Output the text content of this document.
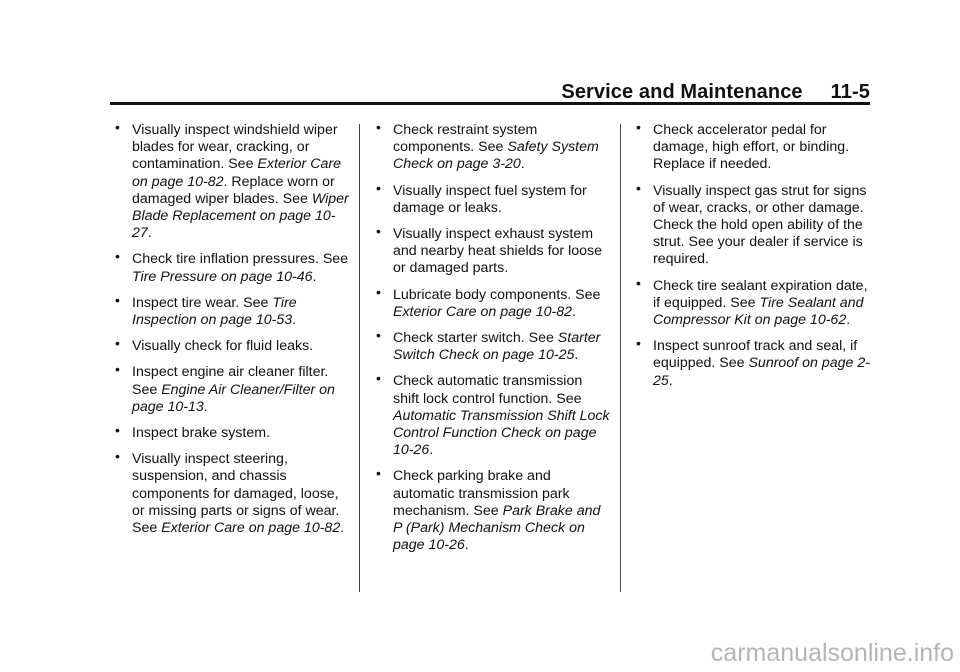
Service and Maintenance 11-5
• Visually inspect windshield wiper blades for wear, cracking, or contamination. See Exterior Care on page 10-82. Replace worn or damaged wiper blades. See Wiper Blade Replacement on page 10-27.
• Check tire inflation pressures. See Tire Pressure on page 10-46.
• Inspect tire wear. See Tire Inspection on page 10-53.
• Visually check for fluid leaks.
• Inspect engine air cleaner filter. See Engine Air Cleaner/Filter on page 10-13.
• Inspect brake system.
• Visually inspect steering, suspension, and chassis components for damaged, loose, or missing parts or signs of wear. See Exterior Care on page 10-82.
• Check restraint system components. See Safety System Check on page 3-20.
• Visually inspect fuel system for damage or leaks.
• Visually inspect exhaust system and nearby heat shields for loose or damaged parts.
• Lubricate body components. See Exterior Care on page 10-82.
• Check starter switch. See Starter Switch Check on page 10-25.
• Check automatic transmission shift lock control function. See Automatic Transmission Shift Lock Control Function Check on page 10-26.
• Check parking brake and automatic transmission park mechanism. See Park Brake and P (Park) Mechanism Check on page 10-26.
• Check accelerator pedal for damage, high effort, or binding. Replace if needed.
• Visually inspect gas strut for signs of wear, cracks, or other damage. Check the hold open ability of the strut. See your dealer if service is required.
• Check tire sealant expiration date, if equipped. See Tire Sealant and Compressor Kit on page 10-62.
• Inspect sunroof track and seal, if equipped. See Sunroof on page 2-25.
carmanualsonline.info
